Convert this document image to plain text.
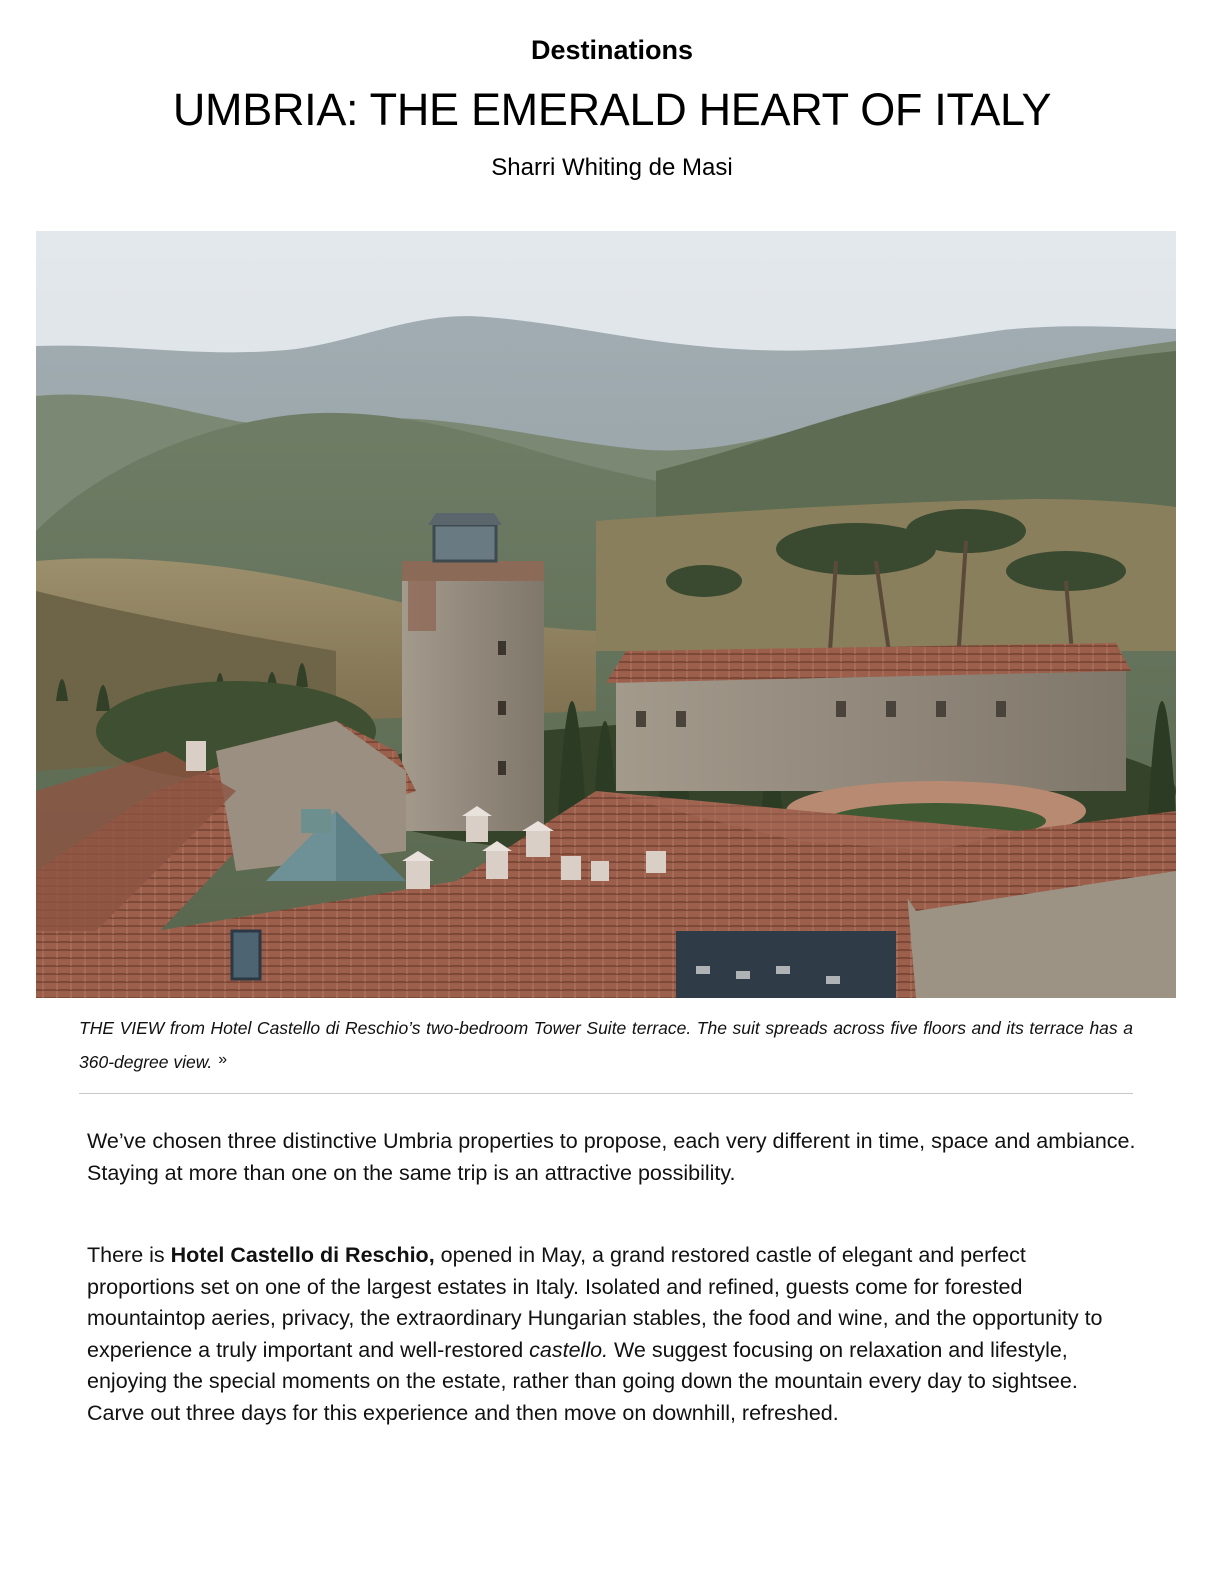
Destinations
UMBRIA: THE EMERALD HEART OF ITALY
Sharri Whiting de Masi
THE VIEW from Hotel Castello di Reschio’s two-bedroom Tower Suite terrace. The suit spreads across five floors and its terrace has a 360-degree view. »

We’ve chosen three distinctive Umbria properties to propose, each very different in time, space and ambiance. Staying at more than one on the same trip is an attractive possibility.

There is Hotel Castello di Reschio, opened in May, a grand restored castle of elegant and perfect proportions set on one of the largest estates in Italy. Isolated and refined, guests come for forested mountaintop aeries, privacy, the extraordinary Hungarian stables, the food and wine, and the opportunity to experience a truly important and well-restored castello. We suggest focusing on relaxation and lifestyle, enjoying the special moments on the estate, rather than going down the mountain every day to sightsee. Carve out three days for this experience and then move on downhill, refreshed.
